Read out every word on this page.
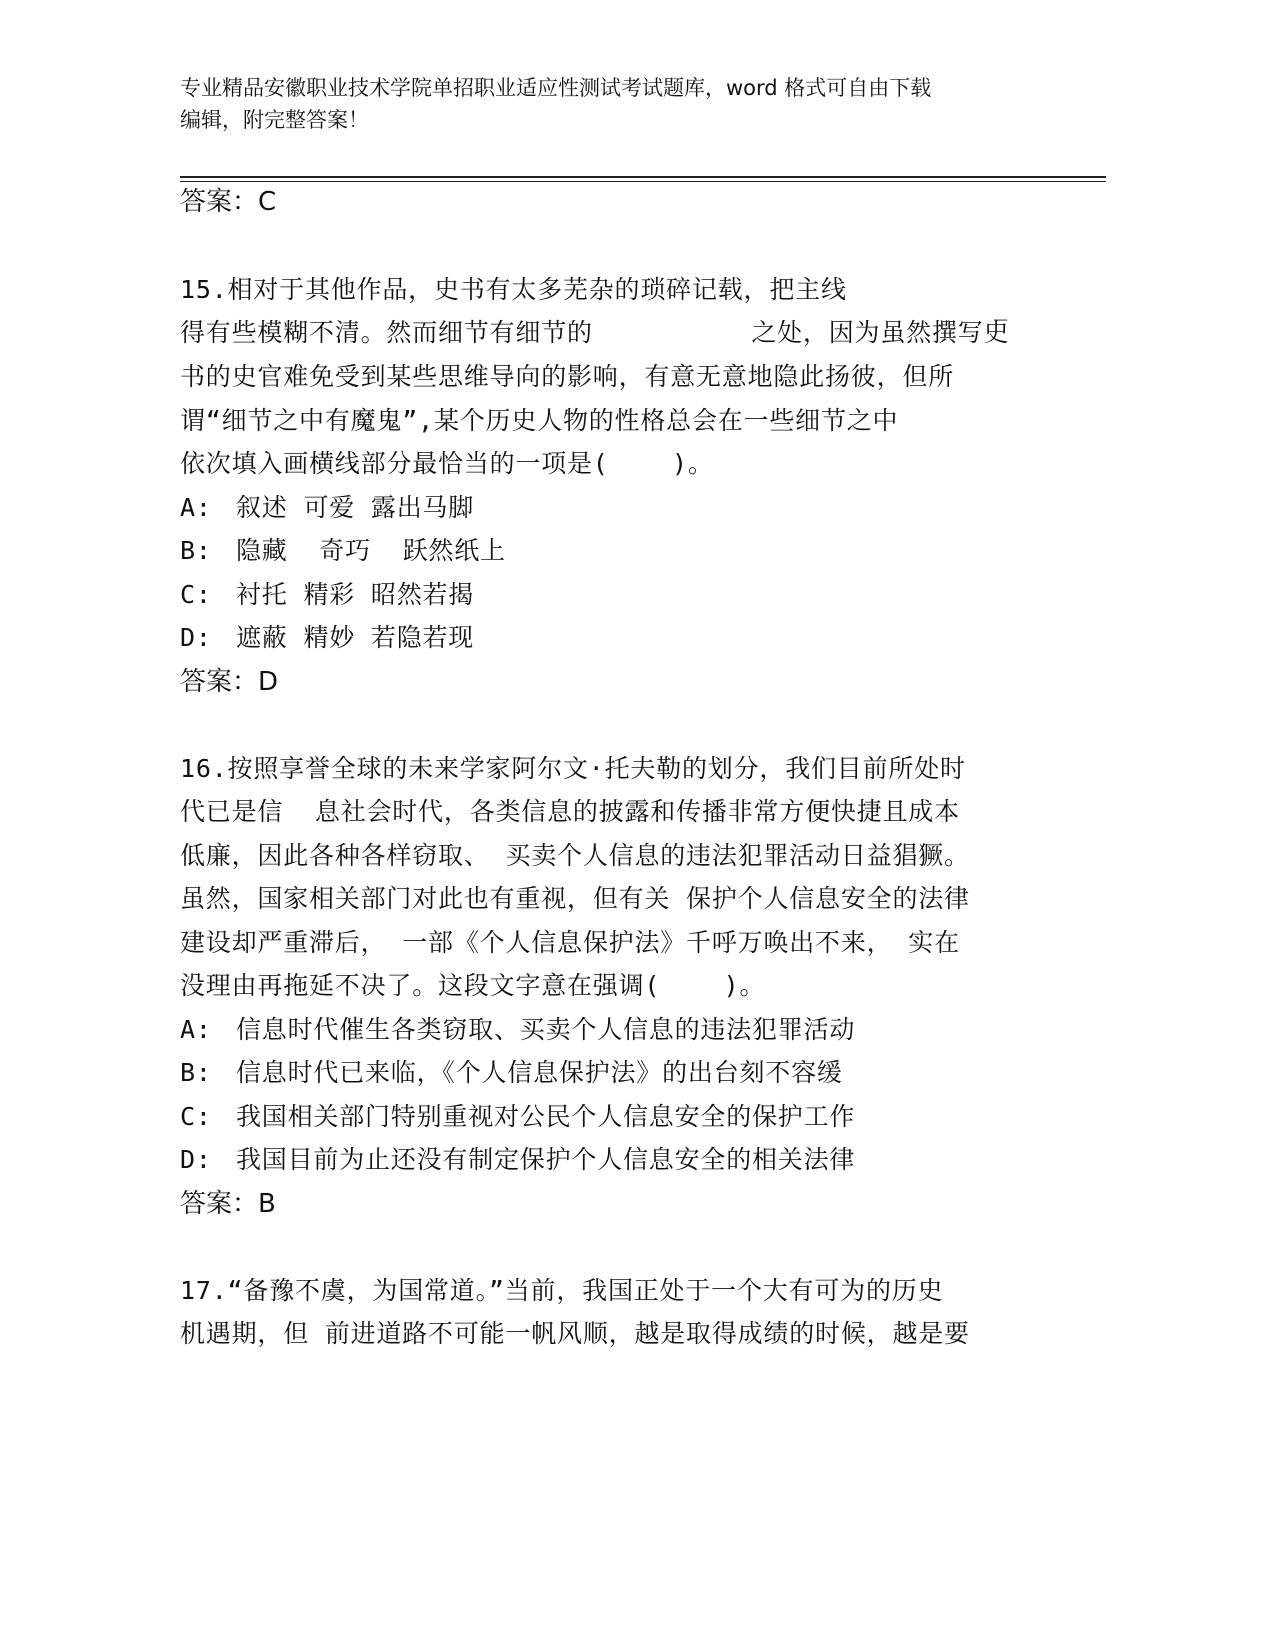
专业精品安徽职业技术学院单招职业适应性测试考试题库，word 格式可自由下载
编辑，附完整答案！
答案：C
15.相对于其他作品，史书有太多芜杂的琐碎记载，把主线
_
得有些模糊不清。然而细节有细节的          之处，因为虽然撰写史
书的史官难免受到某些思维导向的影响，有意无意地隐此扬彼，但所
谓“细节之中有魔鬼”,某个历史人物的性格总会在一些细节之中
依次填入画横线部分最恰当的一项是(    )。
A: 叙述 可爱 露出马脚
B: 隐藏  奇巧  跃然纸上
C: 衬托 精彩 昭然若揭
D: 遮蔽 精妙 若隐若现
答案：D
16.按照享誉全球的未来学家阿尔文·托夫勒的划分，我们目前所处时
代已是信  息社会时代，各类信息的披露和传播非常方便快捷且成本
低廉，因此各种各样窃取、 买卖个人信息的违法犯罪活动日益猖獗。
虽然，国家相关部门对此也有重视，但有关 保护个人信息安全的法律
建设却严重滞后， 一部《个人信息保护法》千呼万唤出不来， 实在
没理由再拖延不决了。这段文字意在强调(    )。
A: 信息时代催生各类窃取、买卖个人信息的违法犯罪活动
B: 信息时代已来临，《个人信息保护法》的出台刻不容缓
C: 我国相关部门特别重视对公民个人信息安全的保护工作
D: 我国目前为止还没有制定保护个人信息安全的相关法律
答案：B
17.“备豫不虞，为国常道。”当前，我国正处于一个大有可为的历史
机遇期，但 前进道路不可能一帆风顺，越是取得成绩的时候，越是要
